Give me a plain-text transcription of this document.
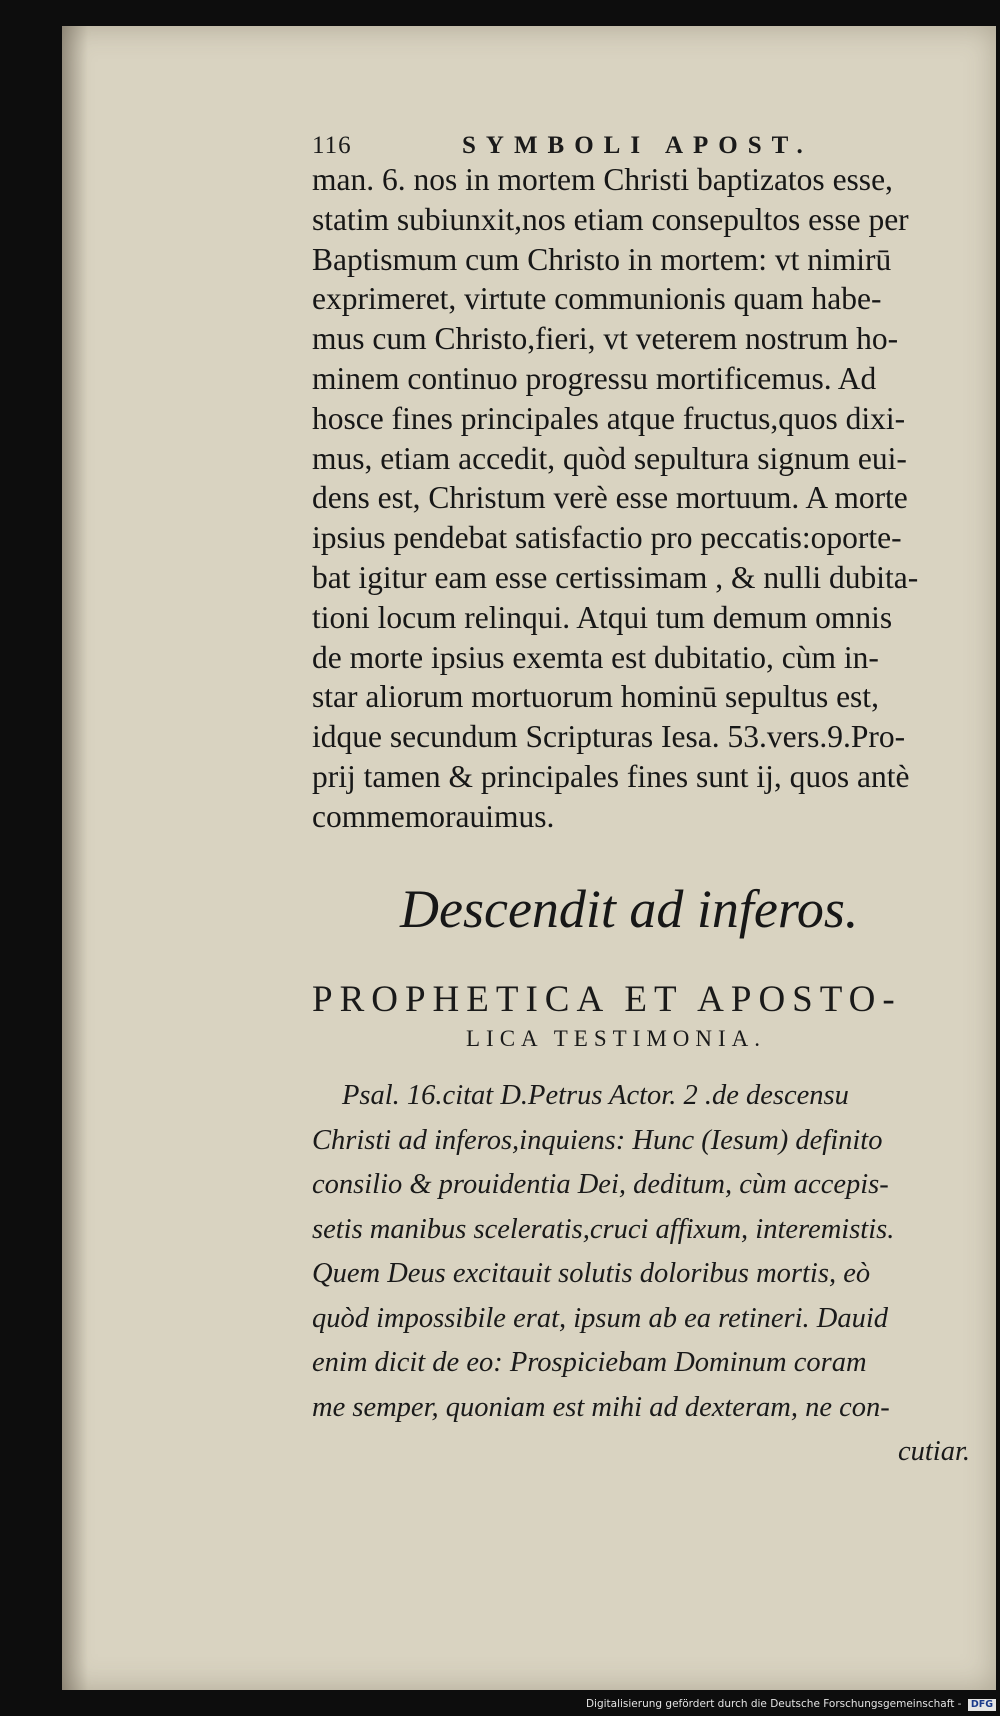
116	SYMBOLI APOST.
man. 6. nos in mortem Christi baptizatos esse,
statim subiunxit,nos etiam consepultos esse per
Baptismum cum Christo in mortem: vt nimirū
exprimeret, virtute communionis quam habe-
mus cum Christo,fieri, vt veterem nostrum ho-
minem continuo progressu mortificemus. Ad
hosce fines principales atque fructus,quos dixi-
mus, etiam accedit, quòd sepultura signum eui-
dens est, Christum verè esse mortuum. A morte
ipsius pendebat satisfactio pro peccatis:oporte-
bat igitur eam esse certissimam , & nulli dubita-
tioni locum relinqui. Atqui tum demum omnis
de morte ipsius exemta est dubitatio, cùm in-
star aliorum mortuorum hominū sepultus est,
idque secundum Scripturas Iesa. 53.vers.9.Pro-
prij tamen & principales fines sunt ij, quos antè
commemorauimus.
Descendit ad inferos.
PROPHETICA ET APOSTO-
LICA TESTIMONIA.
Psal. 16.citat D.Petrus Actor. 2 .de descensu
Christi ad inferos,inquiens: Hunc (Iesum) definito
consilio & prouidentia Dei, deditum, cùm accepis-
setis manibus sceleratis,cruci affixum, interemistis.
Quem Deus excitauit solutis doloribus mortis, eò
quòd impossibile erat, ipsum ab ea retineri. Dauid
enim dicit de eo: Prospiciebam Dominum coram
me semper, quoniam est mihi ad dexteram, ne con-
cutiar.
Digitalisierung gefördert durch die Deutsche Forschungsgemeinschaft - DFG
